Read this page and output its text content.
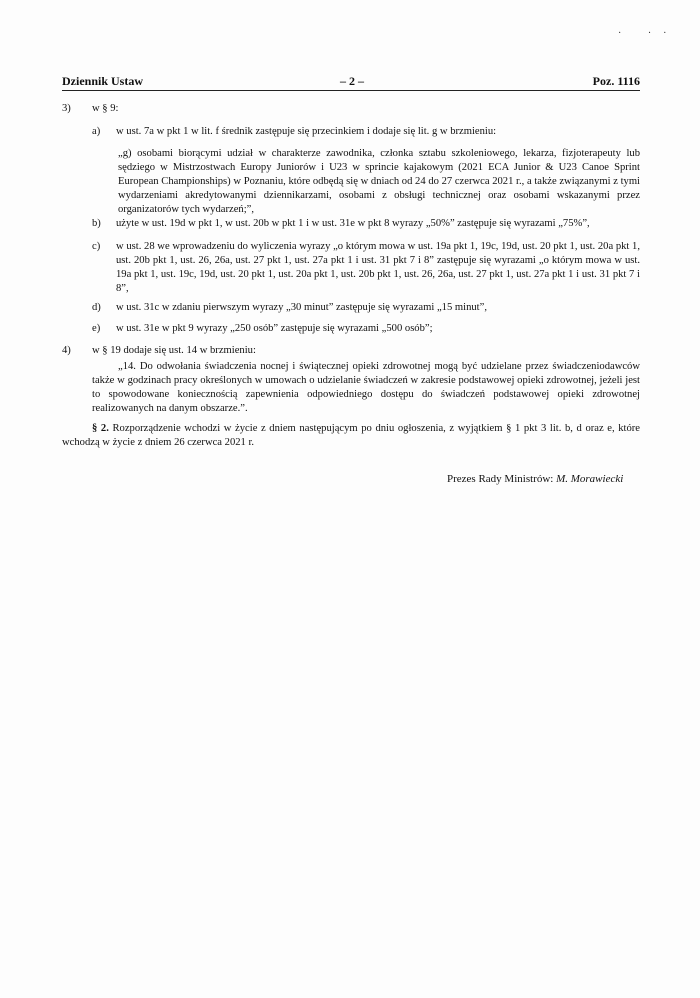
· ··
Dziennik Ustaw	– 2 –	Poz. 1116
3) w § 9:
a) w ust. 7a w pkt 1 w lit. f średnik zastępuje się przecinkiem i dodaje się lit. g w brzmieniu:
„g) osobami biorącymi udział w charakterze zawodnika, członka sztabu szkoleniowego, lekarza, fizjoterapeuty lub sędziego w Mistrzostwach Europy Juniorów i U23 w sprincie kajakowym (2021 ECA Junior & U23 Canoe Sprint European Championships) w Poznaniu, które odbędą się w dniach od 24 do 27 czerwca 2021 r., a także związanymi z tymi wydarzeniami akredytowanymi dziennikarzami, osobami z obsługi technicznej oraz osobami wskazanymi przez organizatorów tych wydarzeń;”,
b) użyte w ust. 19d w pkt 1, w ust. 20b w pkt 1 i w ust. 31e w pkt 8 wyrazy „50%” zastępuje się wyrazami „75%”,
c) w ust. 28 we wprowadzeniu do wyliczenia wyrazy „o którym mowa w ust. 19a pkt 1, 19c, 19d, ust. 20 pkt 1, ust. 20a pkt 1, ust. 20b pkt 1, ust. 26, 26a, ust. 27 pkt 1, ust. 27a pkt 1 i ust. 31 pkt 7 i 8” zastępuje się wyrazami „o którym mowa w ust. 19a pkt 1, ust. 19c, 19d, ust. 20 pkt 1, ust. 20a pkt 1, ust. 20b pkt 1, ust. 26, 26a, ust. 27 pkt 1, ust. 27a pkt 1 i ust. 31 pkt 7 i 8”,
d) w ust. 31c w zdaniu pierwszym wyrazy „30 minut” zastępuje się wyrazami „15 minut”,
e) w ust. 31e w pkt 9 wyrazy „250 osób” zastępuje się wyrazami „500 osób”;
4) w § 19 dodaje się ust. 14 w brzmieniu:
„14. Do odwołania świadczenia nocnej i świątecznej opieki zdrowotnej mogą być udzielane przez świadczeniodawców także w godzinach pracy określonych w umowach o udzielanie świadczeń w zakresie podstawowej opieki zdrowotnej, jeżeli jest to spowodowane koniecznością zapewnienia odpowiedniego dostępu do świadczeń podstawowej opieki zdrowotnej realizowanych na danym obszarze.”.
§ 2. Rozporządzenie wchodzi w życie z dniem następującym po dniu ogłoszenia, z wyjątkiem § 1 pkt 3 lit. b, d oraz e, które wchodzą w życie z dniem 26 czerwca 2021 r.
Prezes Rady Ministrów: M. Morawiecki
